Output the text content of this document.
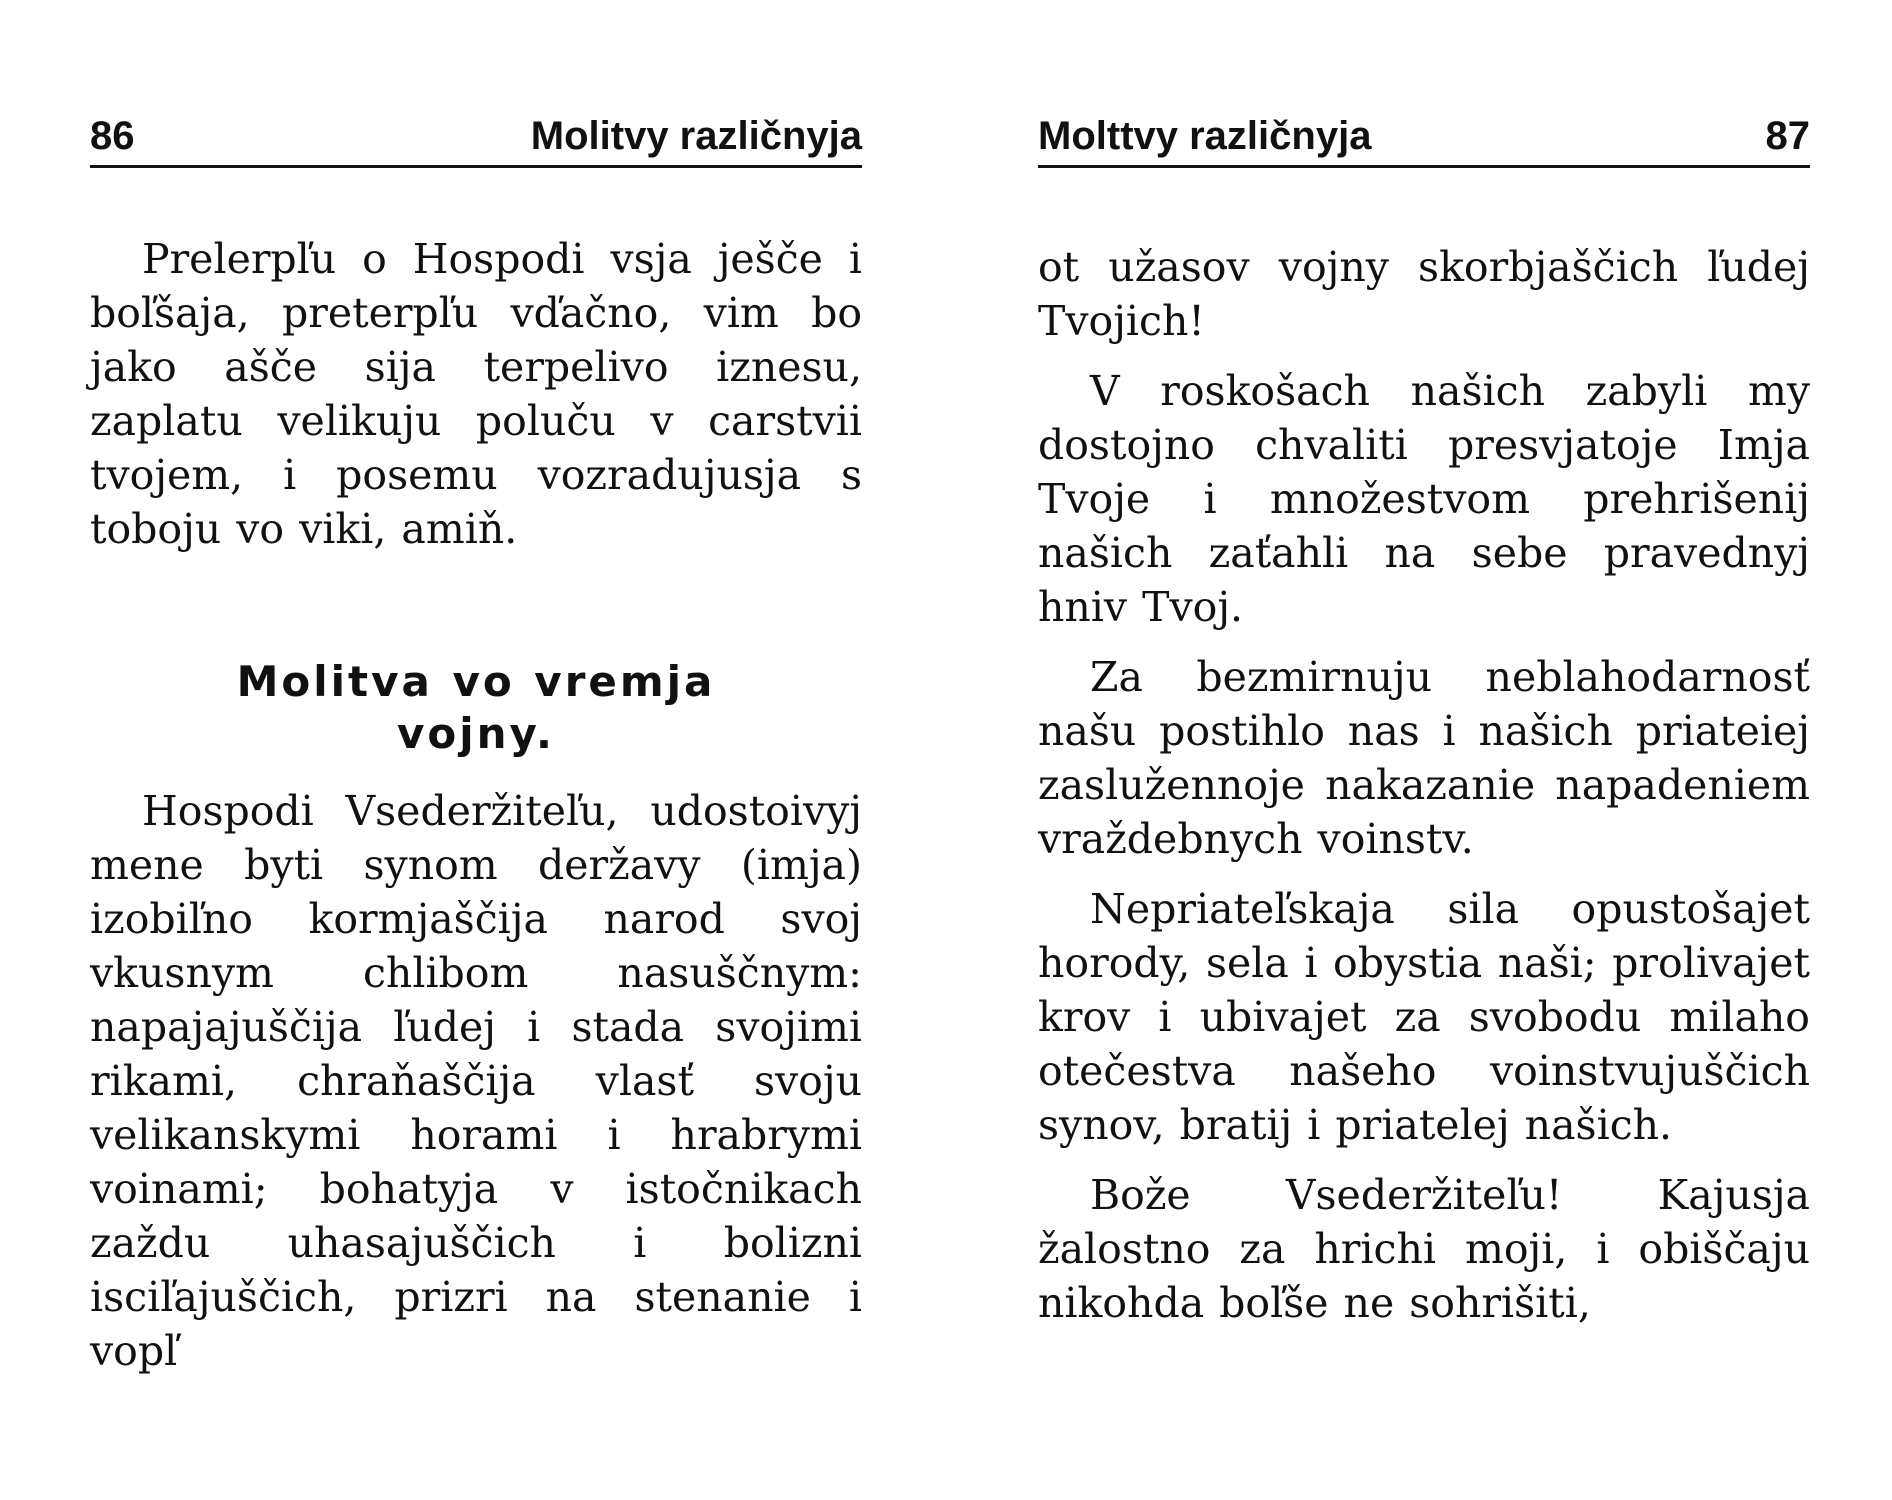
86	Molitvy različnyja

Prelerpľu o Hospodi vsja ješče i boľšaja, preterpľu vďačno, vim bo jako ašče sija terpelivo iznesu, zaplatu velikuju poluču v carstvii tvojem, i posemu vozradujusja s toboju vo viki, amiň.

Molitva vo vremja
vojny.

Hospodi Vsederžiteľu, udostoivyj mene byti synom deržavy (imja) izobiľno kormjaščija narod svoj vkusnym chlibom nasuščnym: napajajuščija ľudej i stada svojimi rikami, chraňaščija vlasť svoju velikanskymi horami i hrabrymi voinami; bohatyja v istočnikach zaždu uhasajuščich i bolizni isciľajuščich, prizri na stenanie i vopľ

Molttvy različnyja	87

ot užasov vojny skorbjaščich ľudej Tvojich!

V roskošach našich zabyli my dostojno chvaliti presvjatoje Imja Tvoje i množestvom prehrišenij našich zaťahli na sebe pravednyj hniv Tvoj.

Za bezmirnuju neblahodarnosť našu postihlo nas i našich priateiej zaslužennoje nakazanie napadeniem vraždebnych voinstv.

Nepriateľskaja sila opustošajet horody, sela i obystia naši; prolivajet krov i ubivajet za svobodu milaho otečestva našeho voinstvujuščich synov, bratij i priatelej našich.

Bože Vsederžiteľu! Kajusja žalostno za hrichi moji, i obiščaju nikohda boľše ne sohrišiti,
